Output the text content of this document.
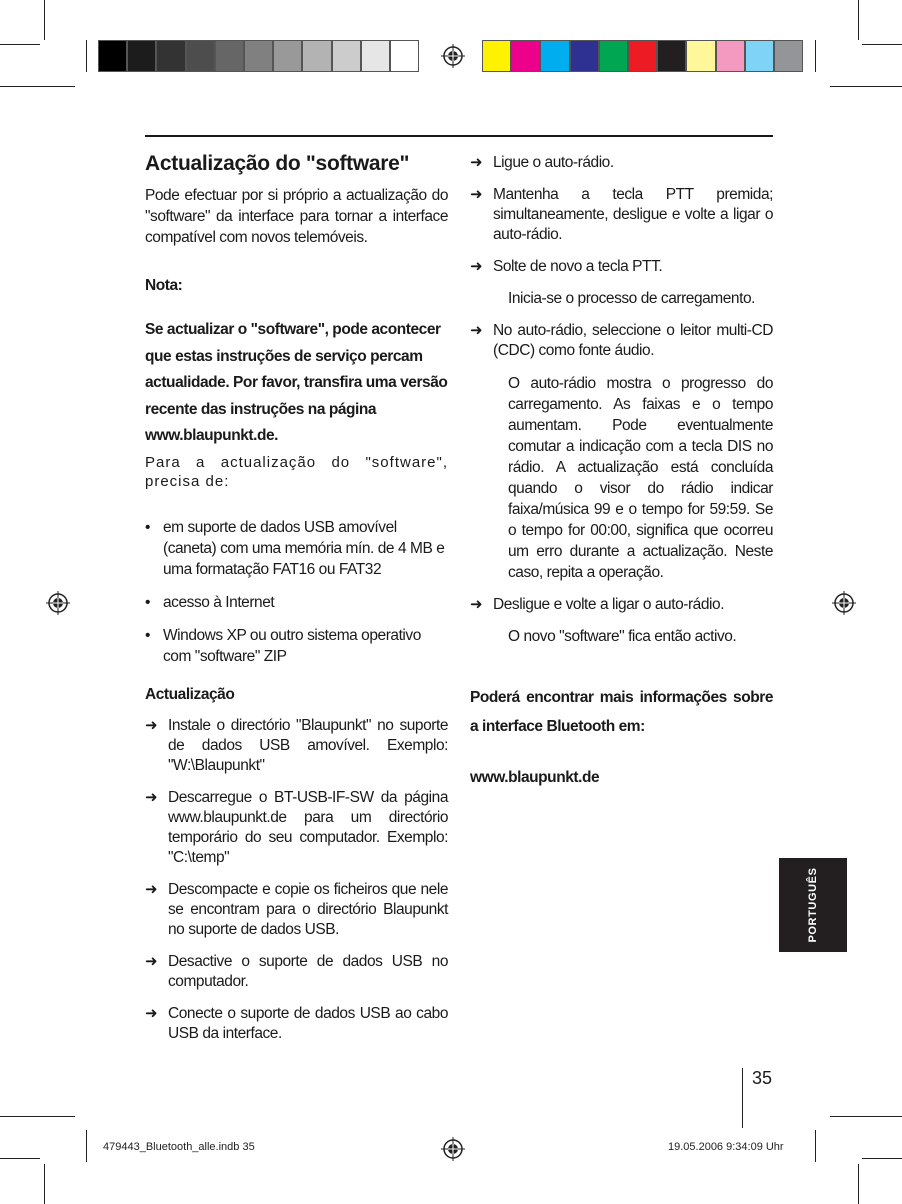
Actualização do "software"

Pode efectuar por si próprio a actualização do "software" da interface para tornar a interface compatível com novos telemóveis.

Nota:

Se actualizar o "software", pode acontecer que estas instruções de serviço percam actualidade. Por favor, transfira uma versão recente das instruções na página www.blaupunkt.de.

Para a actualização do "software", precisa de:

• em suporte de dados USB amovível (caneta) com uma memória mín. de 4 MB e uma formatação FAT16 ou FAT32
• acesso à Internet
• Windows XP ou outro sistema operativo com "software" ZIP

Actualização

➜ Instale o directório "Blaupunkt" no suporte de dados USB amovível. Exemplo: "W:\Blaupunkt"
➜ Descarregue o BT-USB-IF-SW da página www.blaupunkt.de para um directório temporário do seu computador. Exemplo: "C:\temp"
➜ Descompacte e copie os ficheiros que nele se encontram para o directório Blaupunkt no suporte de dados USB.
➜ Desactive o suporte de dados USB no computador.
➜ Conecte o suporte de dados USB ao cabo USB da interface.
➜ Ligue o auto-rádio.
➜ Mantenha a tecla PTT premida; simultaneamente, desligue e volte a ligar o auto-rádio.
➜ Solte de novo a tecla PTT.

Inicia-se o processo de carregamento.

➜ No auto-rádio, seleccione o leitor multi-CD (CDC) como fonte áudio.

O auto-rádio mostra o progresso do carregamento. As faixas e o tempo aumentam. Pode eventualmente comutar a indicação com a tecla DIS no rádio. A actualização está concluída quando o visor do rádio indicar faixa/música 99 e o tempo for 59:59. Se o tempo for 00:00, significa que ocorreu um erro durante a actualização. Neste caso, repita a operação.

➜ Desligue e volte a ligar o auto-rádio.

O novo "software" fica então activo.

Poderá encontrar mais informações sobre a interface Bluetooth em:

www.blaupunkt.de

PORTUGUÊS
35
479443_Bluetooth_alle.indb 35	19.05.2006 9:34:09 Uhr
